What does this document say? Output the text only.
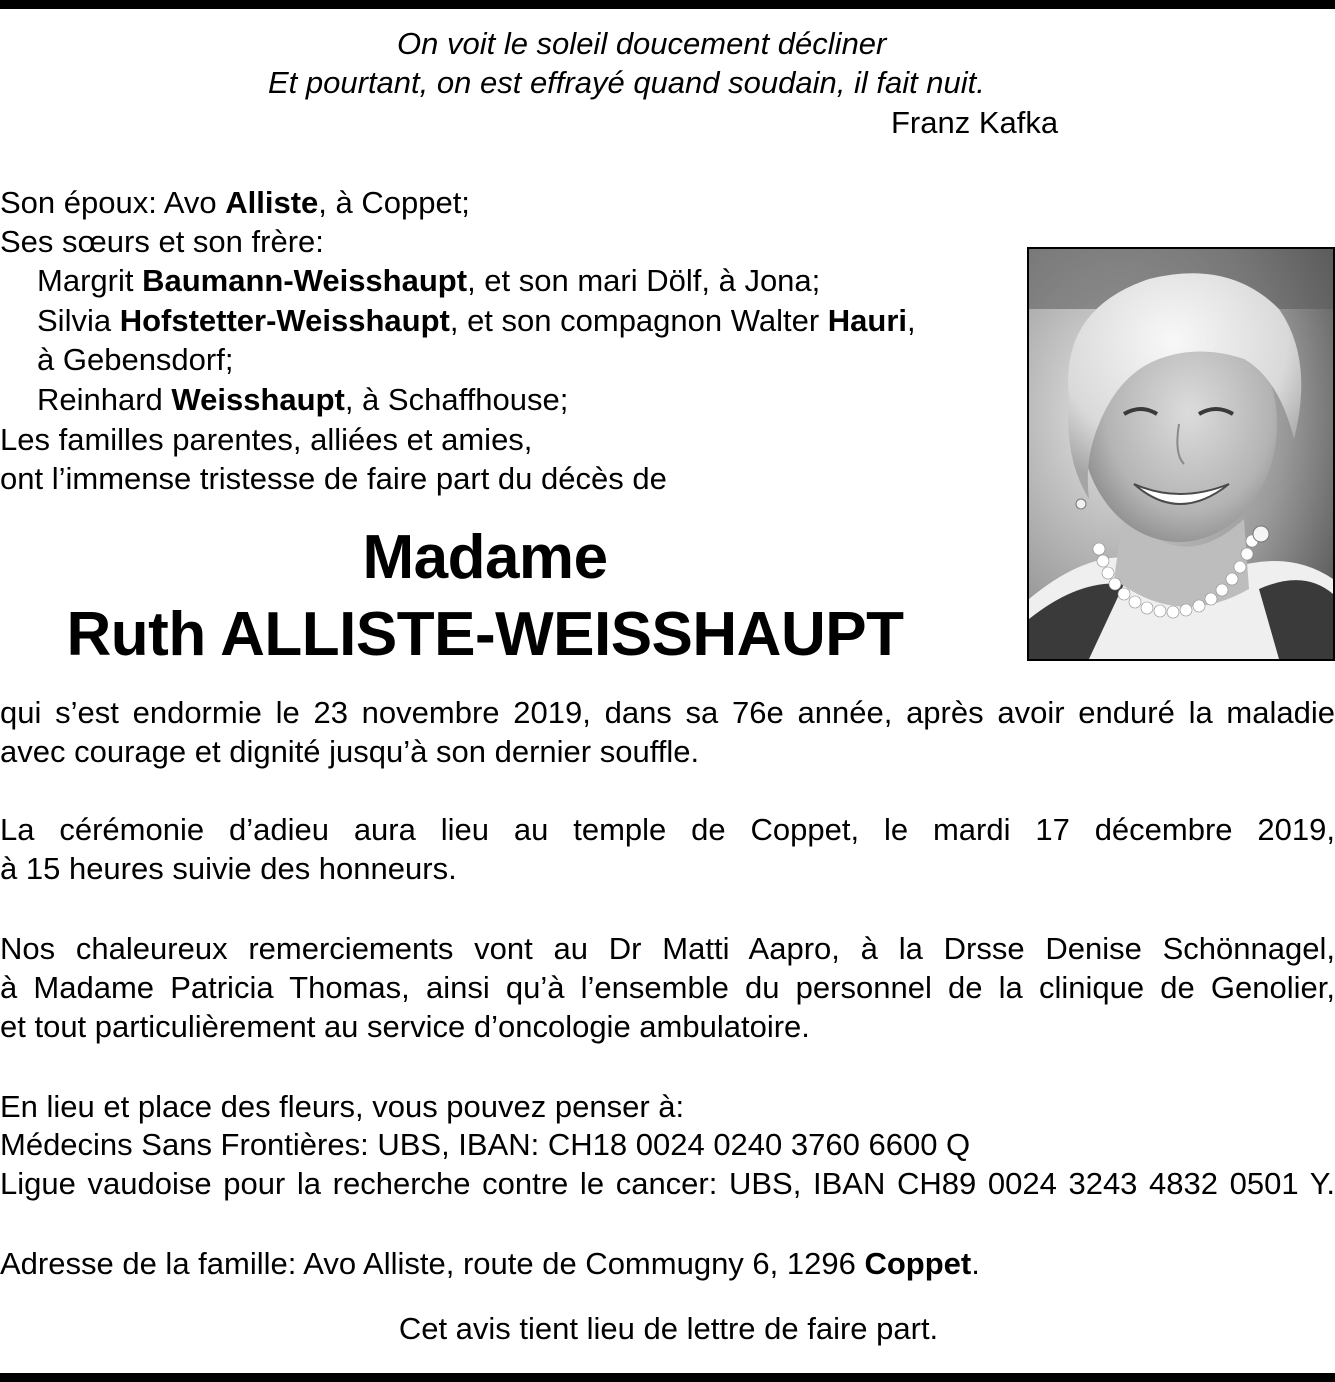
On voit le soleil doucement décliner

Et pourtant, on est effrayé quand soudain, il fait nuit.

Franz Kafka

Son époux: Avo Alliste, à Coppet;

Ses sœurs et son frère:

Margrit Baumann-Weisshaupt, et son mari Dölf, à Jona;

Silvia Hofstetter-Weisshaupt, et son compagnon Walter Hauri,

à Gebensdorf;

Reinhard Weisshaupt, à Schaffhouse;

Les familles parentes, alliées et amies,

ont l’immense tristesse de faire part du décès de

Madame
Ruth ALLISTE-WEISSHAUPT
qui s’est endormie le 23 novembre 2019, dans sa 76e année, après avoir enduré la maladie
avec courage et dignité jusqu’à son dernier souffle.
La cérémonie d’adieu aura lieu au temple de Coppet, le mardi 17 décembre 2019,
à 15 heures suivie des honneurs.
Nos chaleureux remerciements vont au Dr Matti Aapro, à la Drsse Denise Schönnagel,
à Madame Patricia Thomas, ainsi qu’à l’ensemble du personnel de la clinique de Genolier,
et tout particulièrement au service d’oncologie ambulatoire.

En lieu et place des fleurs, vous pouvez penser à:

Médecins Sans Frontières: UBS, IBAN: CH18 0024 0240 3760 6600 Q

Ligue vaudoise pour la recherche contre le cancer: UBS, IBAN CH89 0024 3243 4832 0501 Y.

Adresse de la famille: Avo Alliste, route de Commugny 6, 1296 Coppet.

Cet avis tient lieu de lettre de faire part.
